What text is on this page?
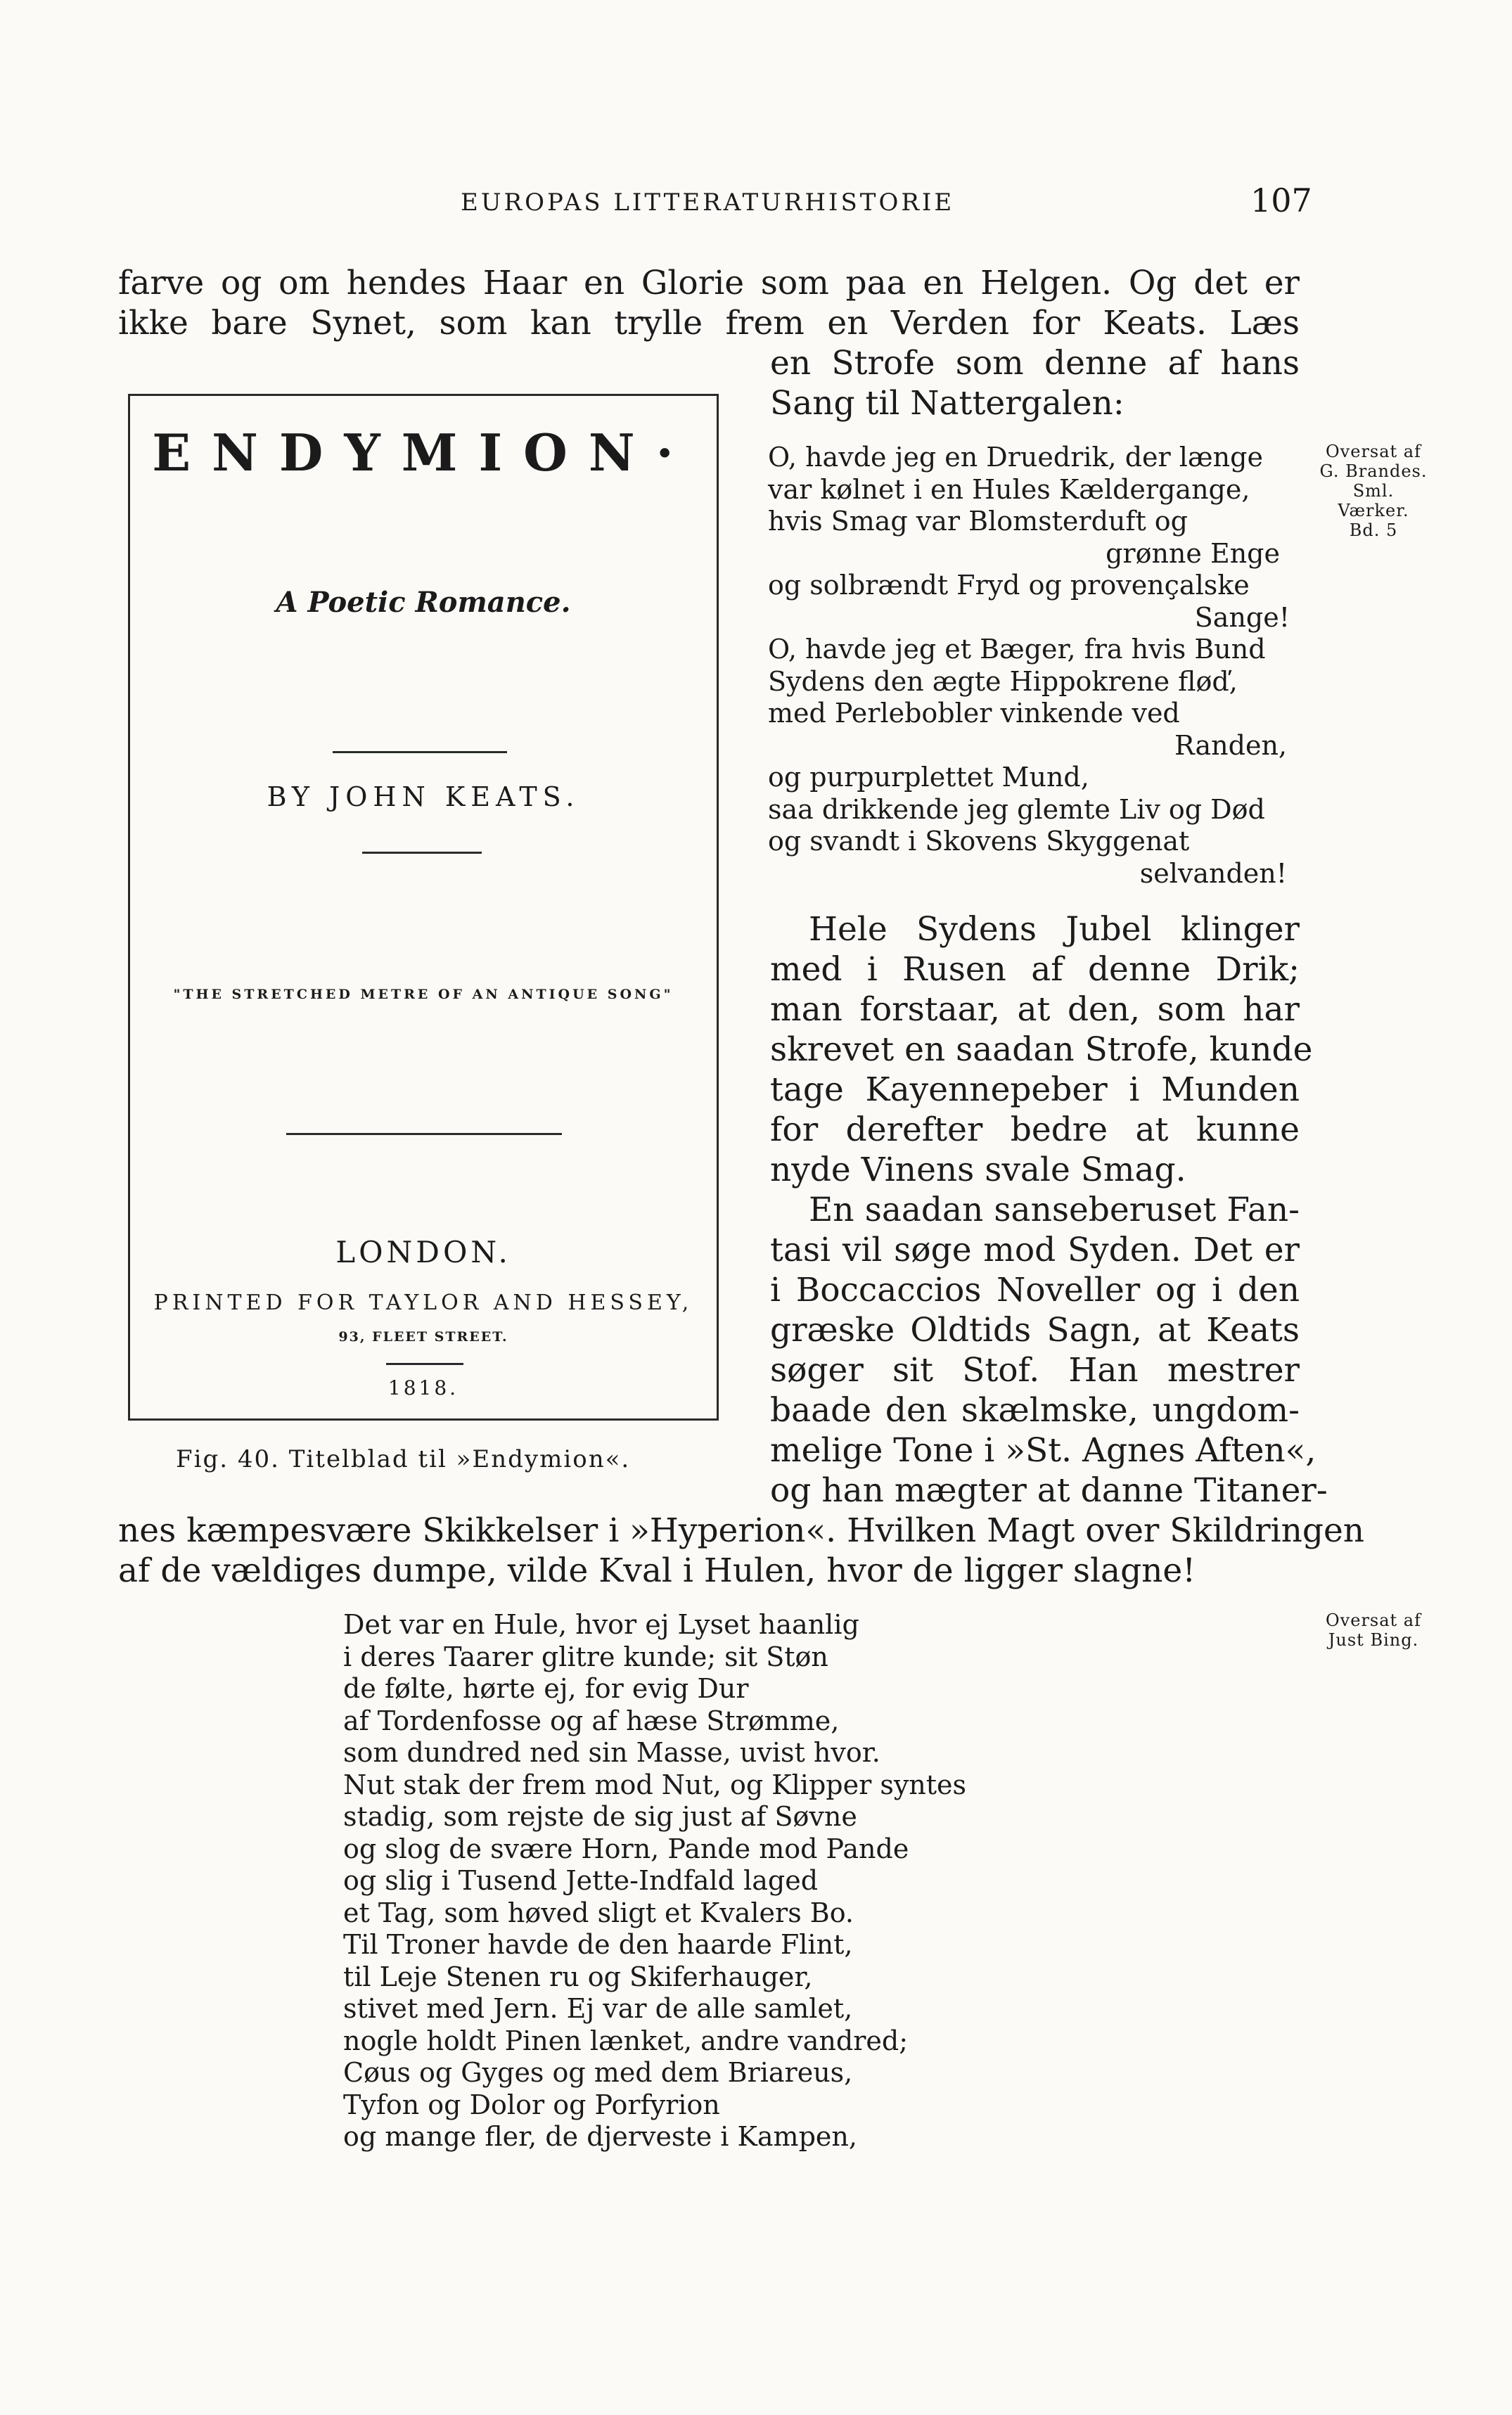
EUROPAS LITTERATURHISTORIE	107
farve og om hendes Haar en Glorie som paa en Helgen. Og det er
ikke bare Synet, som kan trylle frem en Verden for Keats. Læs
en Strofe som denne af hans
Sang til Nattergalen:
O, havde jeg en Druedrik, der længe
var kølnet i en Hules Kældergange,
hvis Smag var Blomsterduft og
grønne Enge
og solbrændt Fryd og provençalske
Sange!
O, havde jeg et Bæger, fra hvis Bund
Sydens den ægte Hippokrene fløď,
med Perlebobler vinkende ved
Randen,
og purpurplettet Mund,
saa drikkende jeg glemte Liv og Død
og svandt i Skovens Skyggenat
selvanden!
Oversat af
G. Brandes.
Sml.
Værker.
Bd. 5
Hele Sydens Jubel klinger
med i Rusen af denne Drik;
man forstaar, at den, som har
skrevet en saadan Strofe, kunde
tage Kayennepeber i Munden
for derefter bedre at kunne
nyde Vinens svale Smag.
En saadan sanseberuset Fan-
tasi vil søge mod Syden. Det er
i Boccaccios Noveller og i den
græske Oldtids Sagn, at Keats
søger sit Stof. Han mestrer
baade den skælmske, ungdom-
melige Tone i »St. Agnes Aften«,
og han mægter at danne Titaner-
nes kæmpesvære Skikkelser i »Hyperion«. Hvilken Magt over Skildringen
af de vældiges dumpe, vilde Kval i Hulen, hvor de ligger slagne!
Det var en Hule, hvor ej Lyset haanlig
i deres Taarer glitre kunde; sit Støn
de følte, hørte ej, for evig Dur
af Tordenfosse og af hæse Strømme,
som dundred ned sin Masse, uvist hvor.
Nut stak der frem mod Nut, og Klipper syntes
stadig, som rejste de sig just af Søvne
og slog de svære Horn, Pande mod Pande
og slig i Tusend Jette-Indfald laged
et Tag, som høved sligt et Kvalers Bo.
Til Troner havde de den haarde Flint,
til Leje Stenen ru og Skiferhauger,
stivet med Jern. Ej var de alle samlet,
nogle holdt Pinen lænket, andre vandred;
Cøus og Gyges og med dem Briareus,
Tyfon og Dolor og Porfyrion
og mange fler, de djerveste i Kampen,
Oversat af
Just Bing.
ENDYMION·
A Poetic Romance.
BY JOHN KEATS.
"THE STRETCHED METRE OF AN ANTIQUE SONG"
LONDON.
PRINTED FOR TAYLOR AND HESSEY,
93, FLEET STREET.
1818.
Fig. 40. Titelblad til »Endymion«.
